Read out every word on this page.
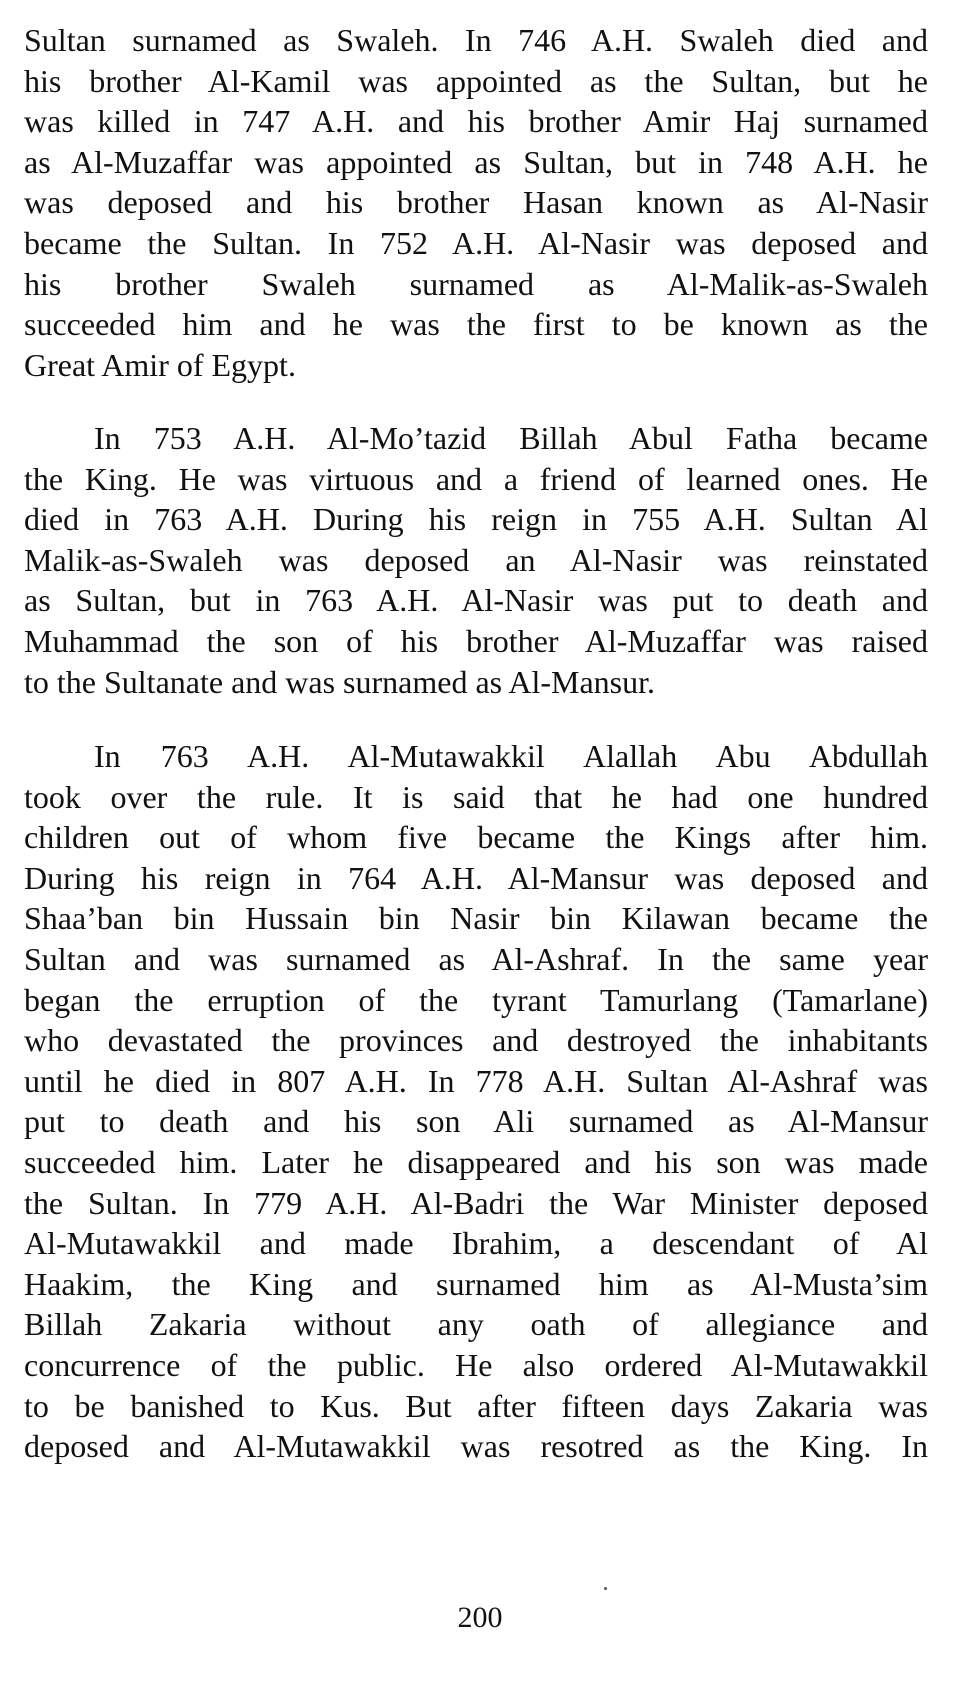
Sultan surnamed as Swaleh. In 746 A.H. Swaleh died and
his brother Al-Kamil was appointed as the Sultan, but he
was killed in 747 A.H. and his brother Amir Haj surnamed
as Al-Muzaffar was appointed as Sultan, but in 748 A.H. he
was deposed and his brother Hasan known as Al-Nasir
became the Sultan. In 752 A.H. Al-Nasir was deposed and
his brother Swaleh surnamed as Al-Malik-as-Swaleh
succeeded him and he was the first to be known as the
Great Amir of Egypt.
In 753 A.H. Al-Mo’tazid Billah Abul Fatha became
the King. He was virtuous and a friend of learned ones. He
died in 763 A.H. During his reign in 755 A.H. Sultan Al
Malik-as-Swaleh was deposed an Al-Nasir was reinstated
as Sultan, but in 763 A.H. Al-Nasir was put to death and
Muhammad the son of his brother Al-Muzaffar was raised
to the Sultanate and was surnamed as Al-Mansur.
In 763 A.H. Al-Mutawakkil Alallah Abu Abdullah
took over the rule. It is said that he had one hundred
children out of whom five became the Kings after him.
During his reign in 764 A.H. Al-Mansur was deposed and
Shaa’ban bin Hussain bin Nasir bin Kilawan became the
Sultan and was surnamed as Al-Ashraf. In the same year
began the erruption of the tyrant Tamurlang (Tamarlane)
who devastated the provinces and destroyed the inhabitants
until he died in 807 A.H. In 778 A.H. Sultan Al-Ashraf was
put to death and his son Ali surnamed as Al-Mansur
succeeded him. Later he disappeared and his son was made
the Sultan. In 779 A.H. Al-Badri the War Minister deposed
Al-Mutawakkil and made Ibrahim, a descendant of Al
Haakim, the King and surnamed him as Al-Musta’sim
Billah Zakaria without any oath of allegiance and
concurrence of the public. He also ordered Al-Mutawakkil
to be banished to Kus. But after fifteen days Zakaria was
deposed and Al-Mutawakkil was resotred as the King. In
200
